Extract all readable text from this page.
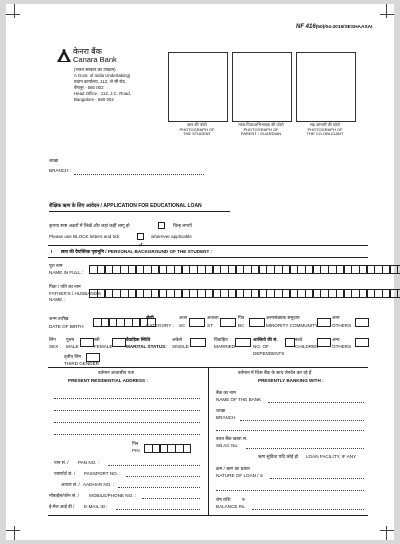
NF 416(50)/04-2019/SESHAASAI
केनरा बैंक
Canara Bank
(भारत सरकार का उपक्रम)
A Govt. of India Undertaking)
प्रधान कार्यालय, 112, जे सी रोड,
बेंगलूर - 560 002
Head Office : 112, J.C. Road,
Bangalore - 560 002
छात्र की फोटो
PHOTOGRAPH OF
THE STUDENT
माता-पिता/अभिभावक की फोटो
PHOTOGRAPH OF
PARENT / GUARDIAN
सह आभारी की फोटो
PHOTOGRAPH OF
THE CO-OBLIGANT
शाखा
BRANCH :
शैक्षिक ऋण के लिए आवेदन / APPLICATION FOR EDUCATIONAL LOAN
कृपया स्पष्ट अक्षरों में लिखें और जहां कहीं लागू हो	चिन्ह लगायें
Please use BLOCK letters and tick	wherever applicable
I छात्र की वैयक्तिक पृष्ठभूमि / PERSONAL BACKGROUND OF THE STUDENT :
पूरा नाम
NAME IN FULL :
पिता / पति का नाम
FATHER'S / HUSBAND'S
NAME :
जन्म तारीख
DATE OF BIRTH
श्रेणी
CATEGORY :
अजा
SC
अजजा
ST
पिव
BC
अल्पसंख्यक समुदाय
MINORITY COMMUNITY
अन्य
OTHERS
लिंग
SEX :
पुरुष
MALE
स्त्री
FEMALE
वैवाहिक स्थिति
MARITAL STATUS:
अकेले
SINGLE
विवाहित
MARRIED
आश्रितो की सं.
NO. OF
DEPENDENTS
बच्चे
CHILDREN
अन्य
OTHERS
तृतीय लिंग
THIRD GENDER
वर्तमान आवासीय पता
PRESENT RESIDENTIAL ADDRESS :
पिन
PIN
पान सं. / PAN NO. :
पासपोर्ट सं. / PASSPORT NO. :
आधार सं. / AADHAR NO. :
मोबाईल/फोन सं. / MOBILE/PHONE NO. :
ई-मेल आई डी / E-MAIL ID :
वर्तमान में जिस बैंक के साथ लेनदेन कर रहे हैं
PRESENTLY BANKING WITH :
बैंक का नाम
NAME OF THE BANK
शाखा
BRANCH
बचत बैंक खाता सं.
SB A/c No.
ऋण सुविधा यदि कोई हो LOAN FACILITY, IF ANY
क्रम / ऋण का प्रकार
NATURE OF LOAN / S
शेष राशि	रु.
BALANCE Rs.
